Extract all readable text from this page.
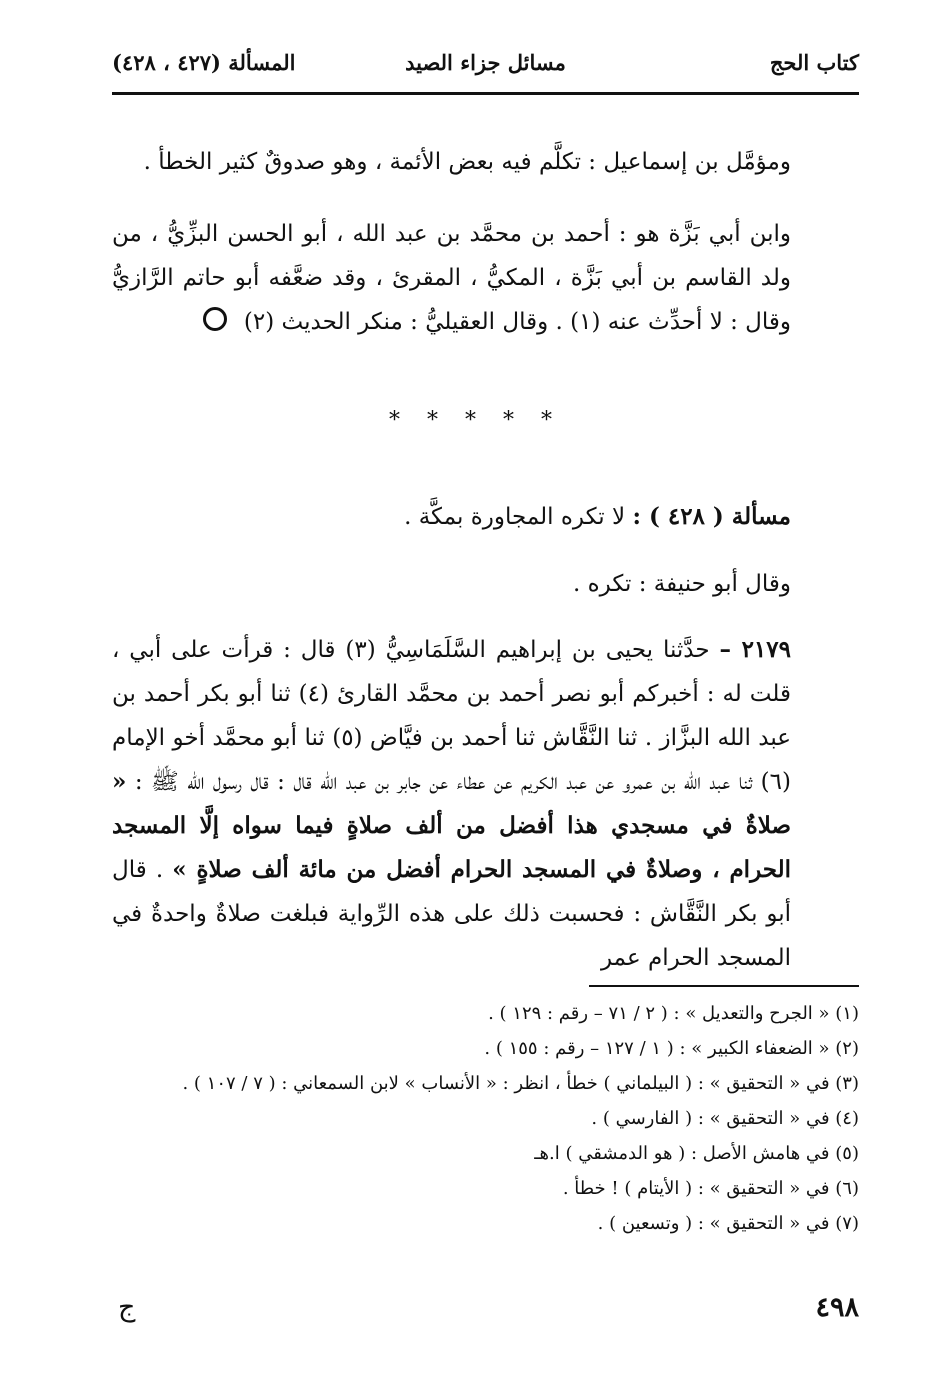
كتاب الحج
مسائل جزاء الصيد
المسألة (٤٢٧ ، ٤٢٨)
ومؤمَّل بن إسماعيل : تكلَّم فيه بعض الأئمة ، وهو صدوقٌ كثير الخطأ .
وابن أبي بَزَّة هو : أحمد بن محمَّد بن عبد الله ، أبو الحسن البزِّيُّ ، من ولد القاسم بن أبي بَزَّة ، المكيُّ ، المقرئ ، وقد ضعَّفه أبو حاتم الرَّازيُّ وقال : لا أحدِّث عنه (١) . وقال العقيليُّ : منكر الحديث (٢)
* * * * *
مسألة ( ٤٢٨ ) : لا تكره المجاورة بمكَّة .
وقال أبو حنيفة : تكره .
٢١٧٩ – حدَّثنا يحيى بن إبراهيم السَّلَمَاسِيُّ (٣) قال : قرأت على أبي ، قلت له : أخبركم أبو نصر أحمد بن محمَّد القارئ (٤) ثنا أبو بكر أحمد بن عبد الله البزَّاز . ثنا النَّقَّاش ثنا أحمد بن فيَّاض (٥) ثنا أبو محمَّد أخو الإمام (٦) ثنا عبد الله بن عمرو عن عبد الكريم عن عطاء عن جابر بن عبد الله قال : قال رسول الله ﷺ : « صلاةٌ في مسجدي هذا أفضل من ألف صلاةٍ فيما سواه إلَّا المسجد الحرام ، وصلاةٌ في المسجد الحرام أفضل من مائة ألف صلاةٍ » . قال أبو بكر النَّقَّاش : فحسبت ذلك على هذه الرِّواية فبلغت صلاةٌ واحدةٌ في المسجد الحرام عمر
(١) « الجرح والتعديل » : ( ٢ / ٧١ – رقم : ١٢٩ ) .
(٢) « الضعفاء الكبير » : ( ١ / ١٢٧ – رقم : ١٥٥ ) .
(٣) في « التحقيق » : ( البيلماني ) خطأ ، انظر : « الأنساب » لابن السمعاني : ( ٧ / ١٠٧ ) .
(٤) في « التحقيق » : ( الفارسي ) .
(٥) في هامش الأصل : ( هو الدمشقي ) ا.هـ
(٦) في « التحقيق » : ( الأيتام ) ! خطأ .
(٧) في « التحقيق » : ( وتسعين ) .
٤٩٨
ج
